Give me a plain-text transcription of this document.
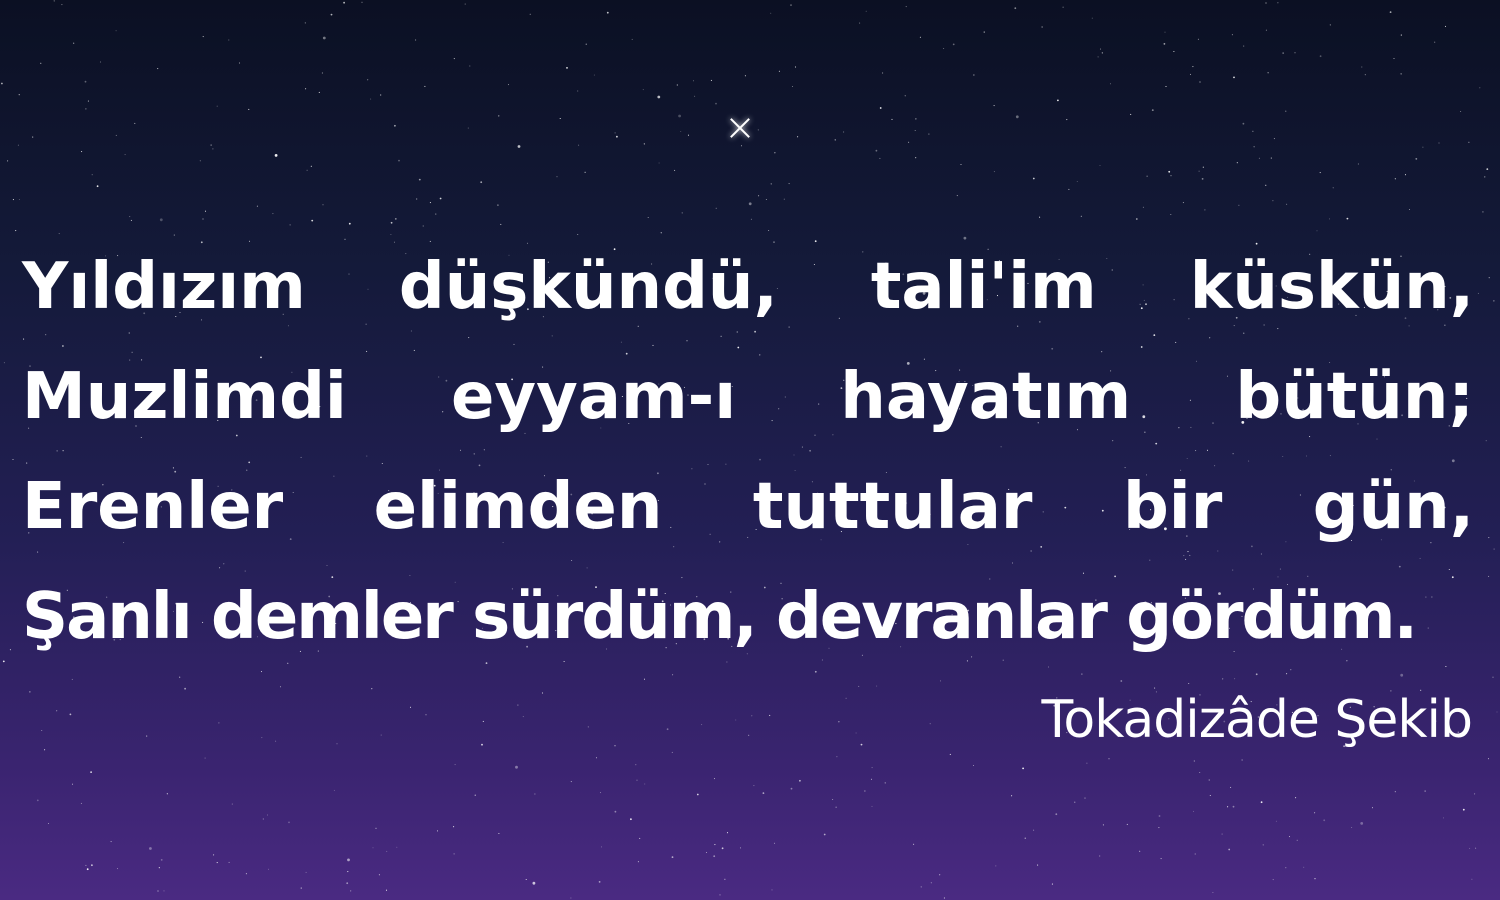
Yıldızım düşkündü, tali'im küskün,
Muzlimdi eyyam-ı hayatım bütün;
Erenler elimden tuttular bir gün,
Şanlı demler sürdüm, devranlar gördüm.
Tokadizâde Şekib
